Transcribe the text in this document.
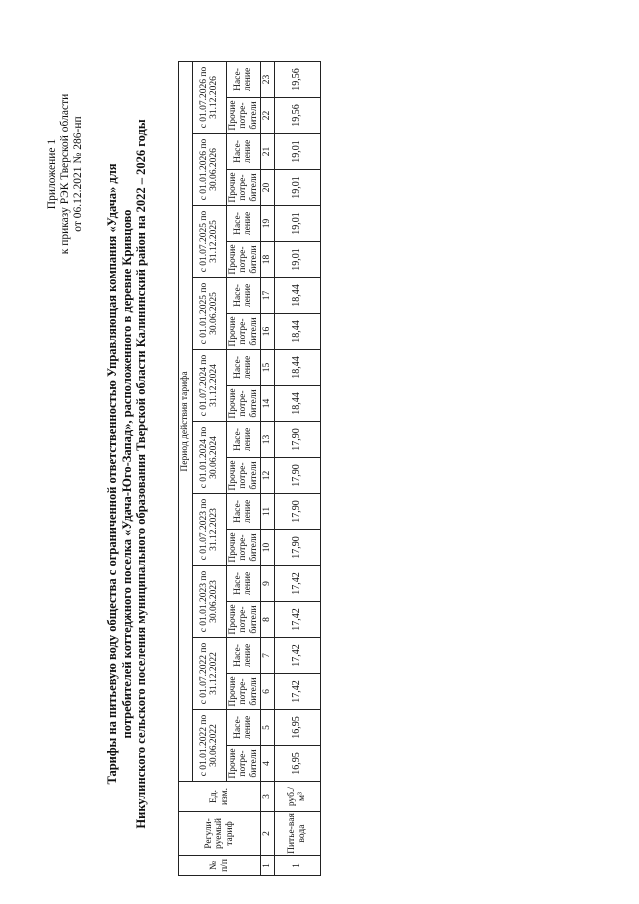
Приложение 1 к приказу РЭК Тверской области от 06.12.2021 № 286-нп Тарифы на питьевую воду общества с ограниченной ответственностью Управляющая компания «Удача» для потребителей коттеджного поселка «Удача-Юго-Запад», расположенного в деревне Кривцово Никулинского сельского поселения муниципального образования Тверской области Калининский район на 2022 – 2026 годы
№ п/п	Регули-руемый тариф	Ед. изм.	Период действия тарифа																			
			с 01.01.2022 по 30.06.2022		с 01.07.2022 по 31.12.2022		с 01.01.2023 по 30.06.2023		с 01.07.2023 по 31.12.2023		с 01.01.2024 по 30.06.2024		с 01.07.2024 по 31.12.2024		с 01.01.2025 по 30.06.2025		с 01.07.2025 по 31.12.2025		с 01.01.2026 по 30.06.2026		с 01.07.2026 по 31.12.2026	
			Прочие потре-бители	Насе-ление	Прочие потре-бители	Насе-ление	Прочие потре-бители	Насе-ление	Прочие потре-бители	Насе-ление	Прочие потре-бители	Насе-ление	Прочие потре-бители	Насе-ление	Прочие потре-бители	Насе-ление	Прочие потре-бители	Насе-ление	Прочие потре-бители	Насе-ление	Прочие потре-бители	Насе-ление
1	2	3	4	5	6	7	8	9	10	11	12	13	14	15	16	17	18	19	20	21	22	23
1	Питье-вая вода	руб./м³	16,95	16,95	17,42	17,42	17,42	17,42	17,90	17,90	17,90	17,90	18,44	18,44	18,44	18,44	19,01	19,01	19,01	19,01	19,56	19,56
